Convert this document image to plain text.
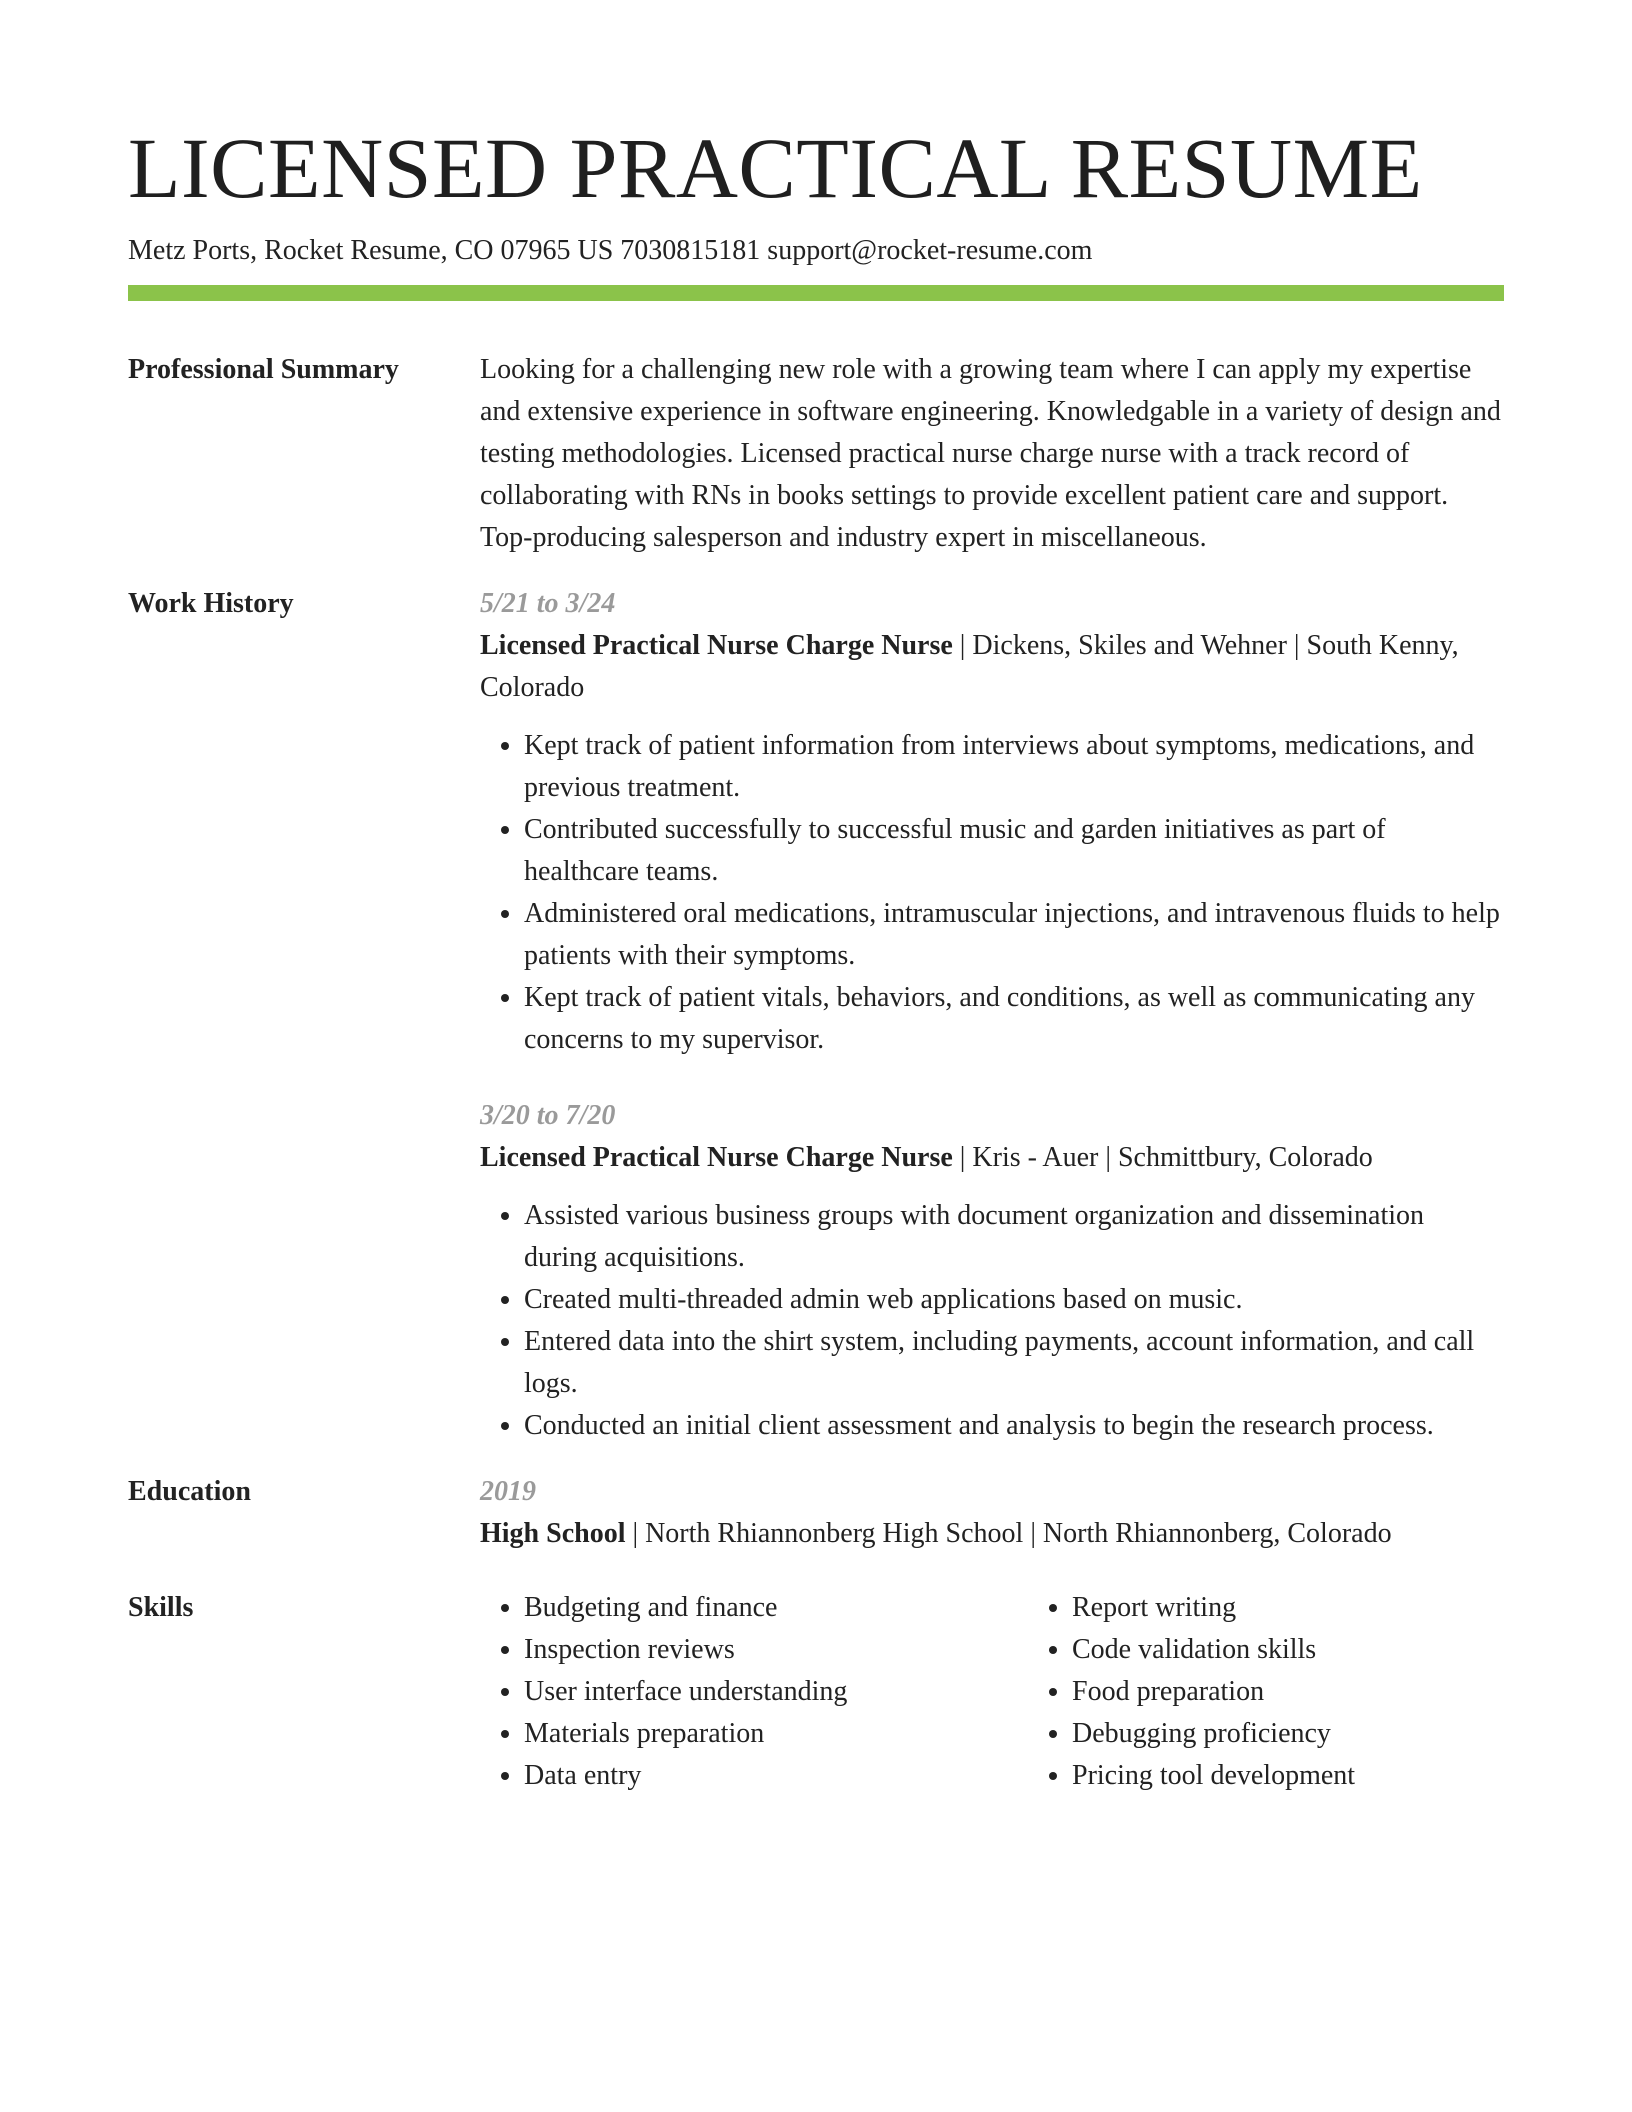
LICENSED PRACTICAL RESUME
Metz Ports, Rocket Resume, CO 07965 US 7030815181 support@rocket-resume.com
Professional Summary	Looking for a challenging new role with a growing team where I can apply my expertise and extensive experience in software engineering. Knowledgable in a variety of design and testing methodologies. Licensed practical nurse charge nurse with a track record of collaborating with RNs in books settings to provide excellent patient care and support. Top-producing salesperson and industry expert in miscellaneous.

Work History	5/21 to 3/24
Licensed Practical Nurse Charge Nurse | Dickens, Skiles and Wehner | South Kenny, Colorado
• Kept track of patient information from interviews about symptoms, medications, and previous treatment.
• Contributed successfully to successful music and garden initiatives as part of healthcare teams.
• Administered oral medications, intramuscular injections, and intravenous fluids to help patients with their symptoms.
• Kept track of patient vitals, behaviors, and conditions, as well as communicating any concerns to my supervisor.
3/20 to 7/20
Licensed Practical Nurse Charge Nurse | Kris - Auer | Schmittbury, Colorado
• Assisted various business groups with document organization and dissemination during acquisitions.
• Created multi-threaded admin web applications based on music.
• Entered data into the shirt system, including payments, account information, and call logs.
• Conducted an initial client assessment and analysis to begin the research process.
Education	2019
High School | North Rhiannonberg High School | North Rhiannonberg, Colorado
Skills
•	Budgeting and finance
• Inspection reviews
• User interface understanding
• Materials preparation
• Data entry
• Report writing
• Code validation skills
• Food preparation
• Debugging proficiency
• Pricing tool development
